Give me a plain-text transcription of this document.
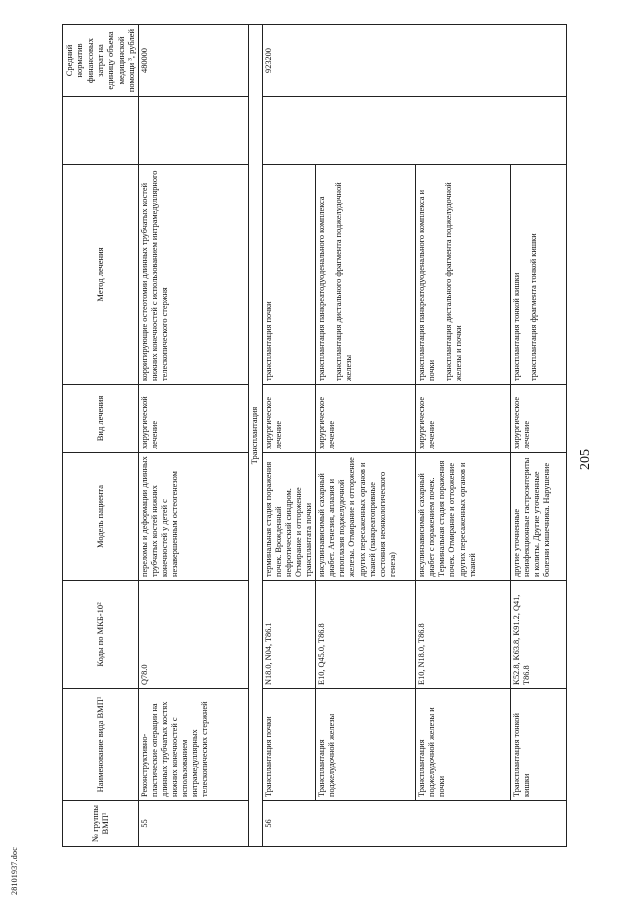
205
28101937.doc
№ группы ВМП¹	Наименование вида ВМП¹	Коды по МКБ-10²	Модель пациента	Вид лечения	Метод лечения		Средний норматив финансовых затрат на единицу объема медицинской помощи ³, рублей
55	Реконструктивно-пластические операции на длинных трубчатых костях нижних конечностей с использованием интрамедуллярных телескопических стержней	Q78.0	переломы и деформации длинных трубчатых костей нижних конечностей у детей с незавершенным остеогенезом	хирургической лечение	корригирующие остеотомии длинных трубчатых костей нижних конечностей с использованием интрамедуллярного телескопического стержня		480000
Трансплантация							
56	Трансплантация почки	N18.0, N04, T86.1	терминальная стадия поражения почек. Врожденный нефротический синдром. Отмирание и отторжение трансплантата почки	хирургическое лечение	трансплантация почки		923200
	Трансплантация поджелудочной железы	E10, Q45.0, T86.8	инсулинзависимый сахарный диабет. Агенезия, аплазия и гипоплазия поджелудочной железы. Отмирание и отторжение других пересаженных органов и тканей (панкреатопривные состояния неонкологического генеза)	хирургическое лечение	трансплантация панкреатодуоденального комплекса трансплантация дистального фрагмента поджелудочной железы		

	Трансплантация поджелудочной железы и почки	E10, N18.0, T86.8	инсулинзависимый сахарный диабет с поражением почек. Терминальная стадия поражения почек. Отмирание и отторжение других пересаженных органов и тканей	хирургическое лечение	трансплантация панкреатодуоденального комплекса и почки трансплантация дистального фрагмента поджелудочной железы и почки		

	Трансплантация тонкой кишки	K52.8, K63.8, K91.2, Q41, T86.8	другие уточненные неинфекционные гастроэнтериты и колиты. Другие уточненные болезни кишечника. Нарушение	хирургическое лечение	трансплантация тонкой кишки трансплантация фрагмента тонкой кишки		
